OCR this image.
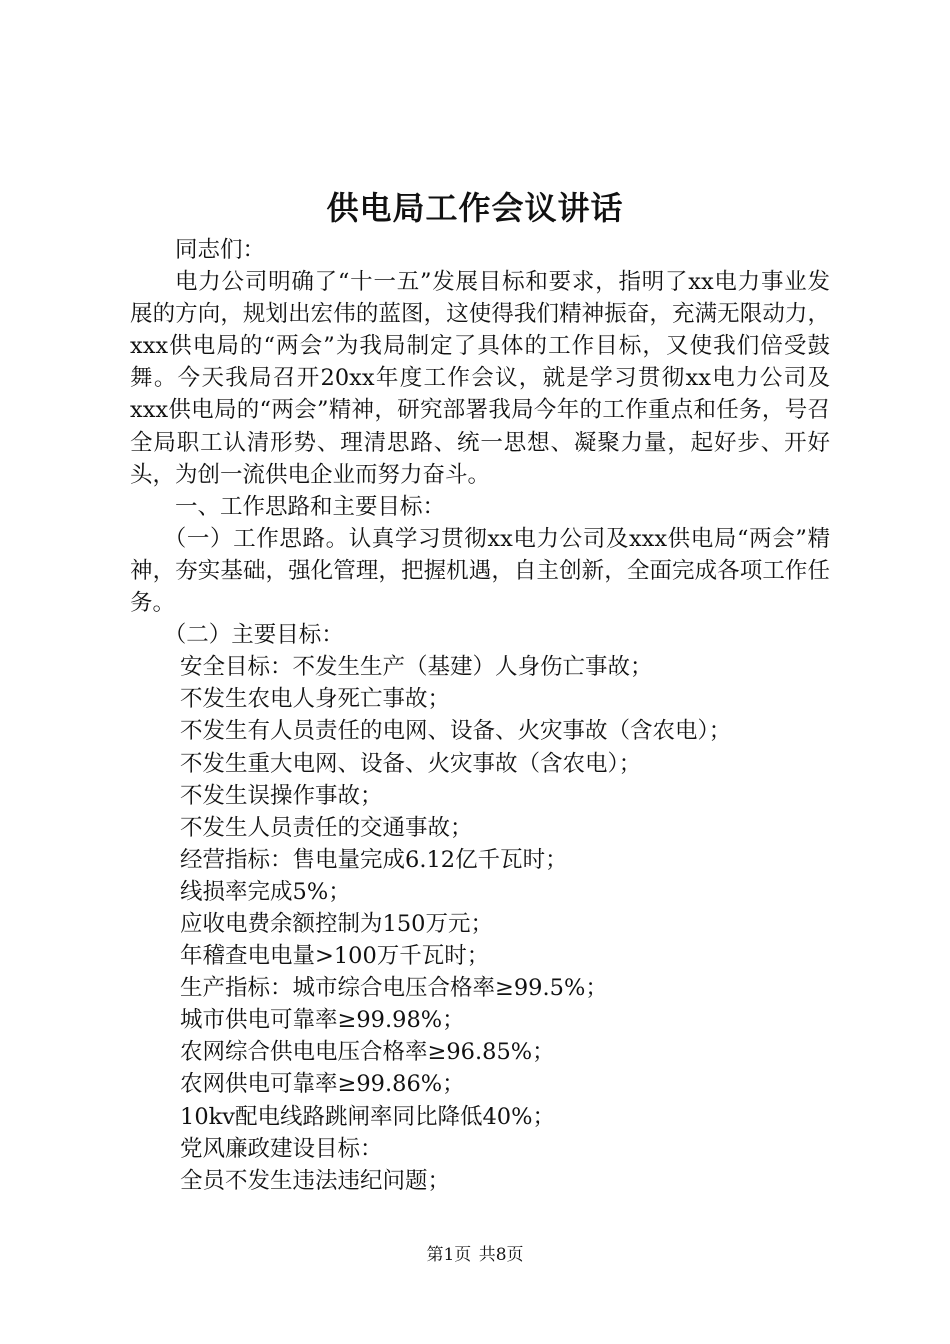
供电局工作会议讲话

同志们：

电力公司明确了“十一五”发展目标和要求，指明了xx电力事业发展的方向，规划出宏伟的蓝图，这使得我们精神振奋，充满无限动力，xxx供电局的“两会”为我局制定了具体的工作目标，又使我们倍受鼓舞。今天我局召开20xx年度工作会议，就是学习贯彻xx电力公司及xxx供电局的“两会”精神，研究部署我局今年的工作重点和任务，号召全局职工认清形势、理清思路、统一思想、凝聚力量，起好步、开好头，为创一流供电企业而努力奋斗。

一、工作思路和主要目标：

（一）工作思路。认真学习贯彻xx电力公司及xxx供电局“两会”精神，夯实基础，强化管理，把握机遇，自主创新，全面完成各项工作任务。

（二）主要目标：

安全目标：不发生生产（基建）人身伤亡事故；

不发生农电人身死亡事故；

不发生有人员责任的电网、设备、火灾事故（含农电）；

不发生重大电网、设备、火灾事故（含农电）；

不发生误操作事故；

不发生人员责任的交通事故；

经营指标：售电量完成6.12亿千瓦时；

线损率完成5%；

应收电费余额控制为150万元；

年稽查电电量>100万千瓦时；

生产指标：城市综合电压合格率≥99.5%；

城市供电可靠率≥99.98%；

农网综合供电电压合格率≥96.85%；

农网供电可靠率≥99.86%；

10kv配电线路跳闸率同比降低40%；

党风廉政建设目标：

全员不发生违法违纪问题；

第1页 共8页
